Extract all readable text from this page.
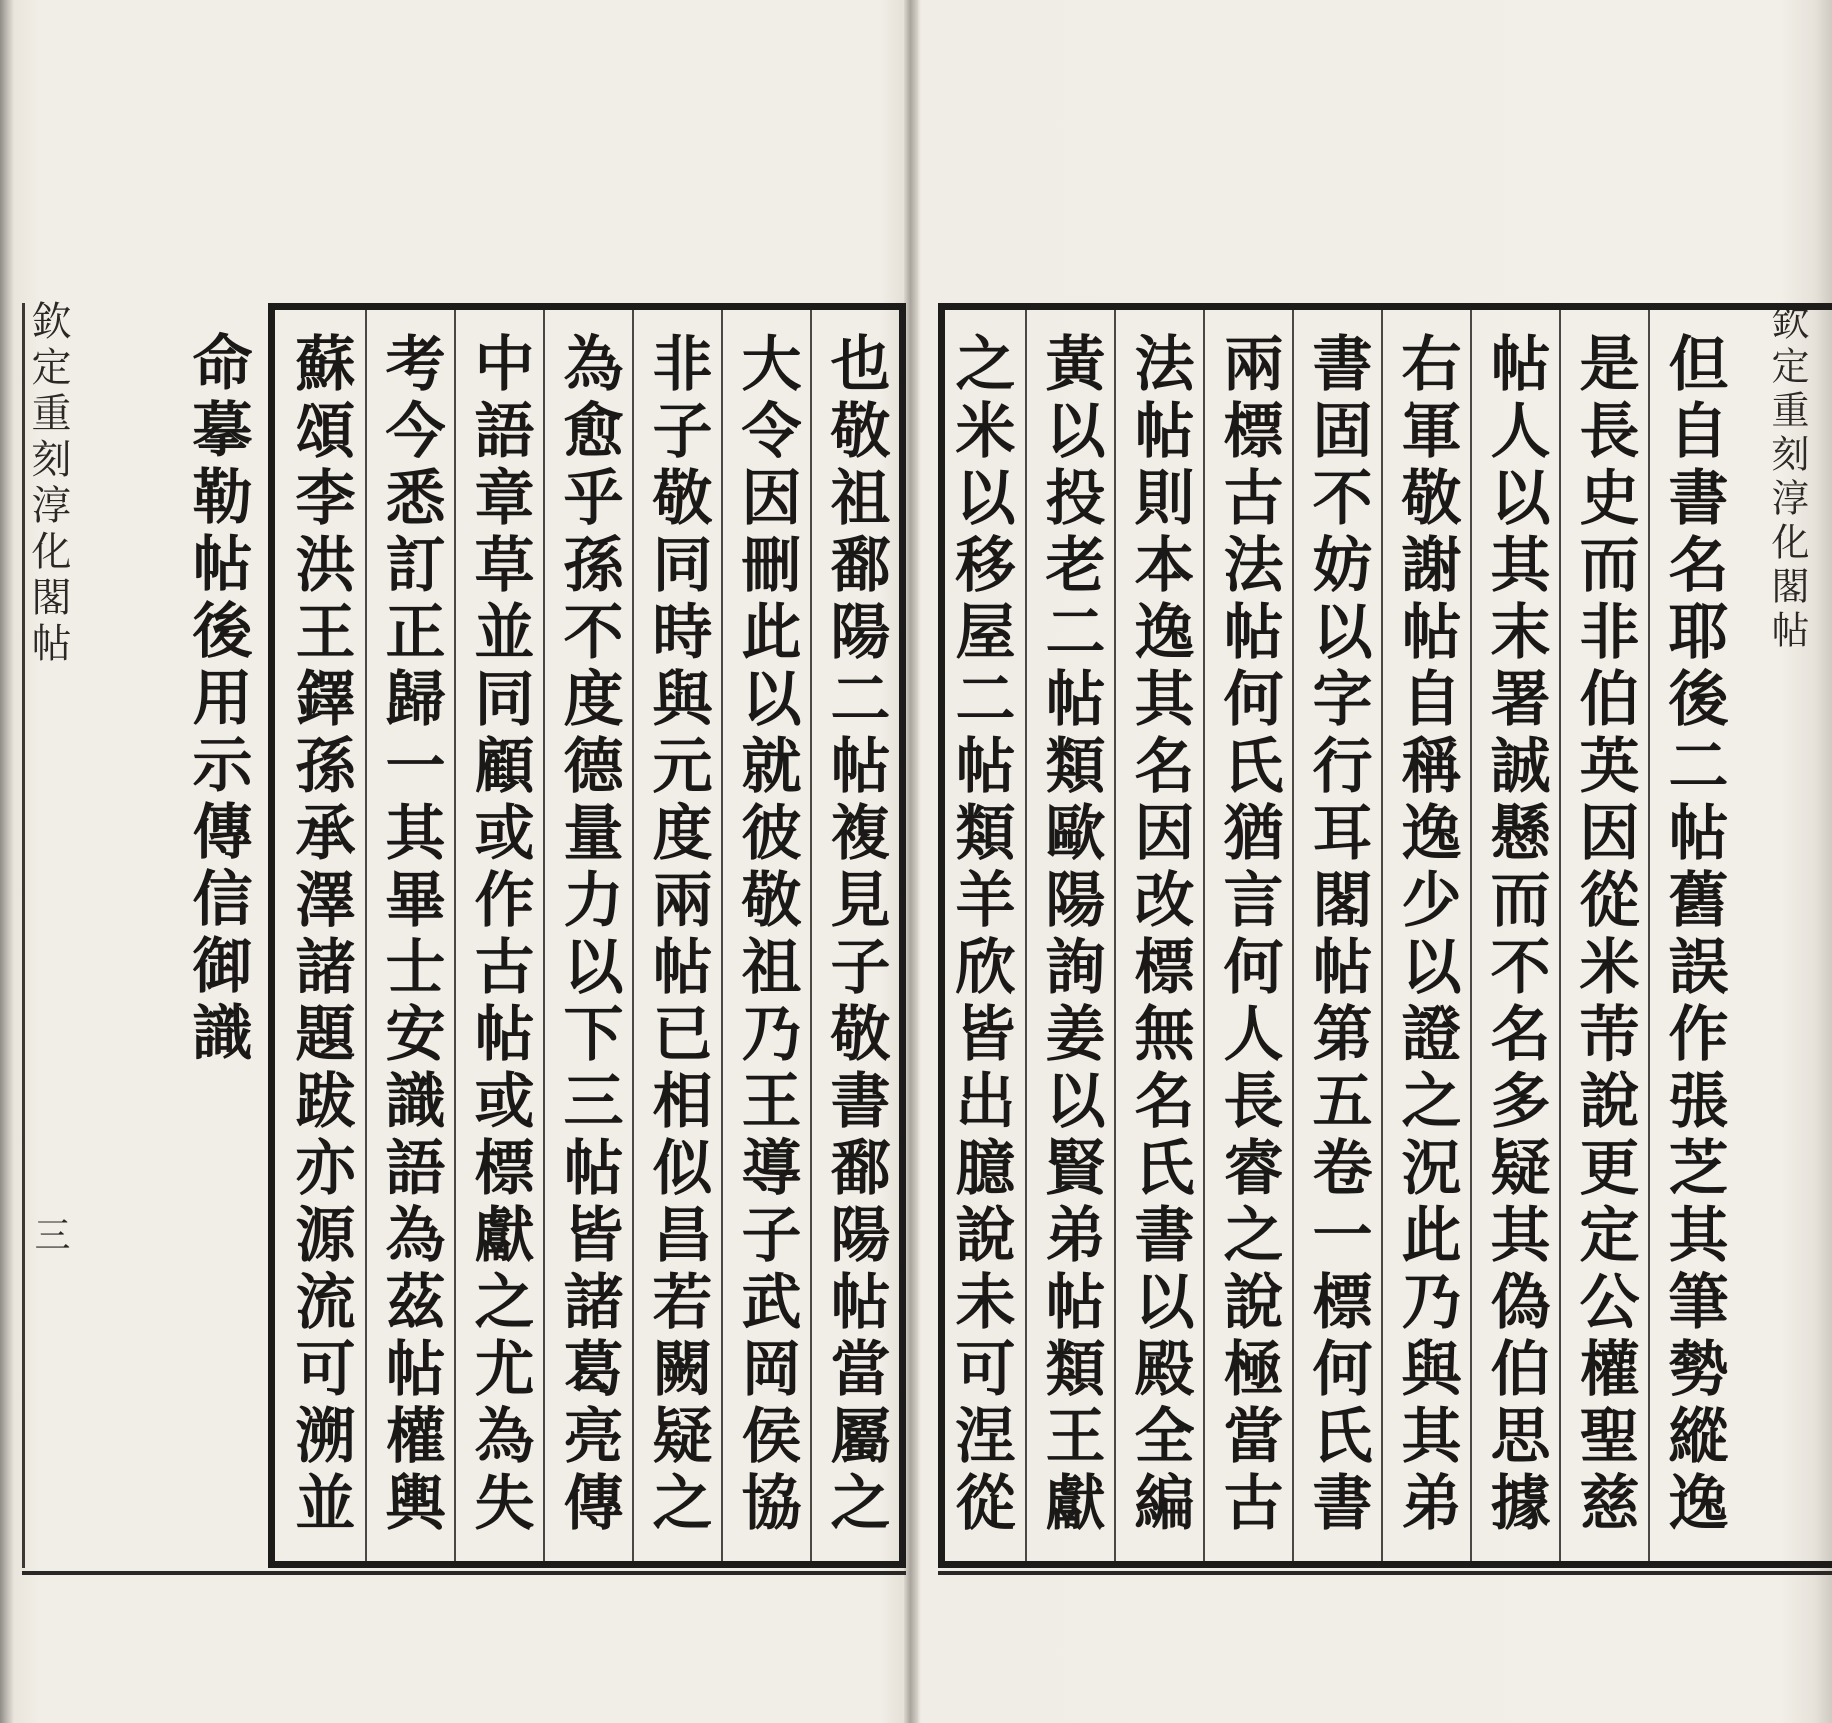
欽定重刻淳化閣帖
三	也敬祖鄱陽二帖複見子敬書鄱陽帖當屬之
大令因刪此以就彼敬祖乃王導子武岡侯協
非子敬同時與元度兩帖已相似昌若闕疑之
為愈乎孫不度德量力以下三帖皆諸葛亮傳
中語章草並同顧或作古帖或標獻之尤為失
考今悉訂正歸一其畢士安識語為茲帖權輿
蘇頌李洪王鐸孫承澤諸題跋亦源流可溯並
命摹勒帖後用示傳信御識	欽定重刻淳化閣帖
但自書名耶後二帖舊誤作張芝其筆勢縱逸
是長史而非伯英因從米芾說更定公權聖慈
帖人以其末署誠懸而不名多疑其偽伯思據
右軍敬謝帖自稱逸少以證之況此乃與其弟
書固不妨以字行耳閣帖第五卷一標何氏書
兩標古法帖何氏猶言何人長睿之說極當古
法帖則本逸其名因改標無名氏書以殿全編
黃以投老二帖類歐陽詢姜以賢弟帖類王獻
之米以移屋二帖類羊欣皆出臆說未可涅從
